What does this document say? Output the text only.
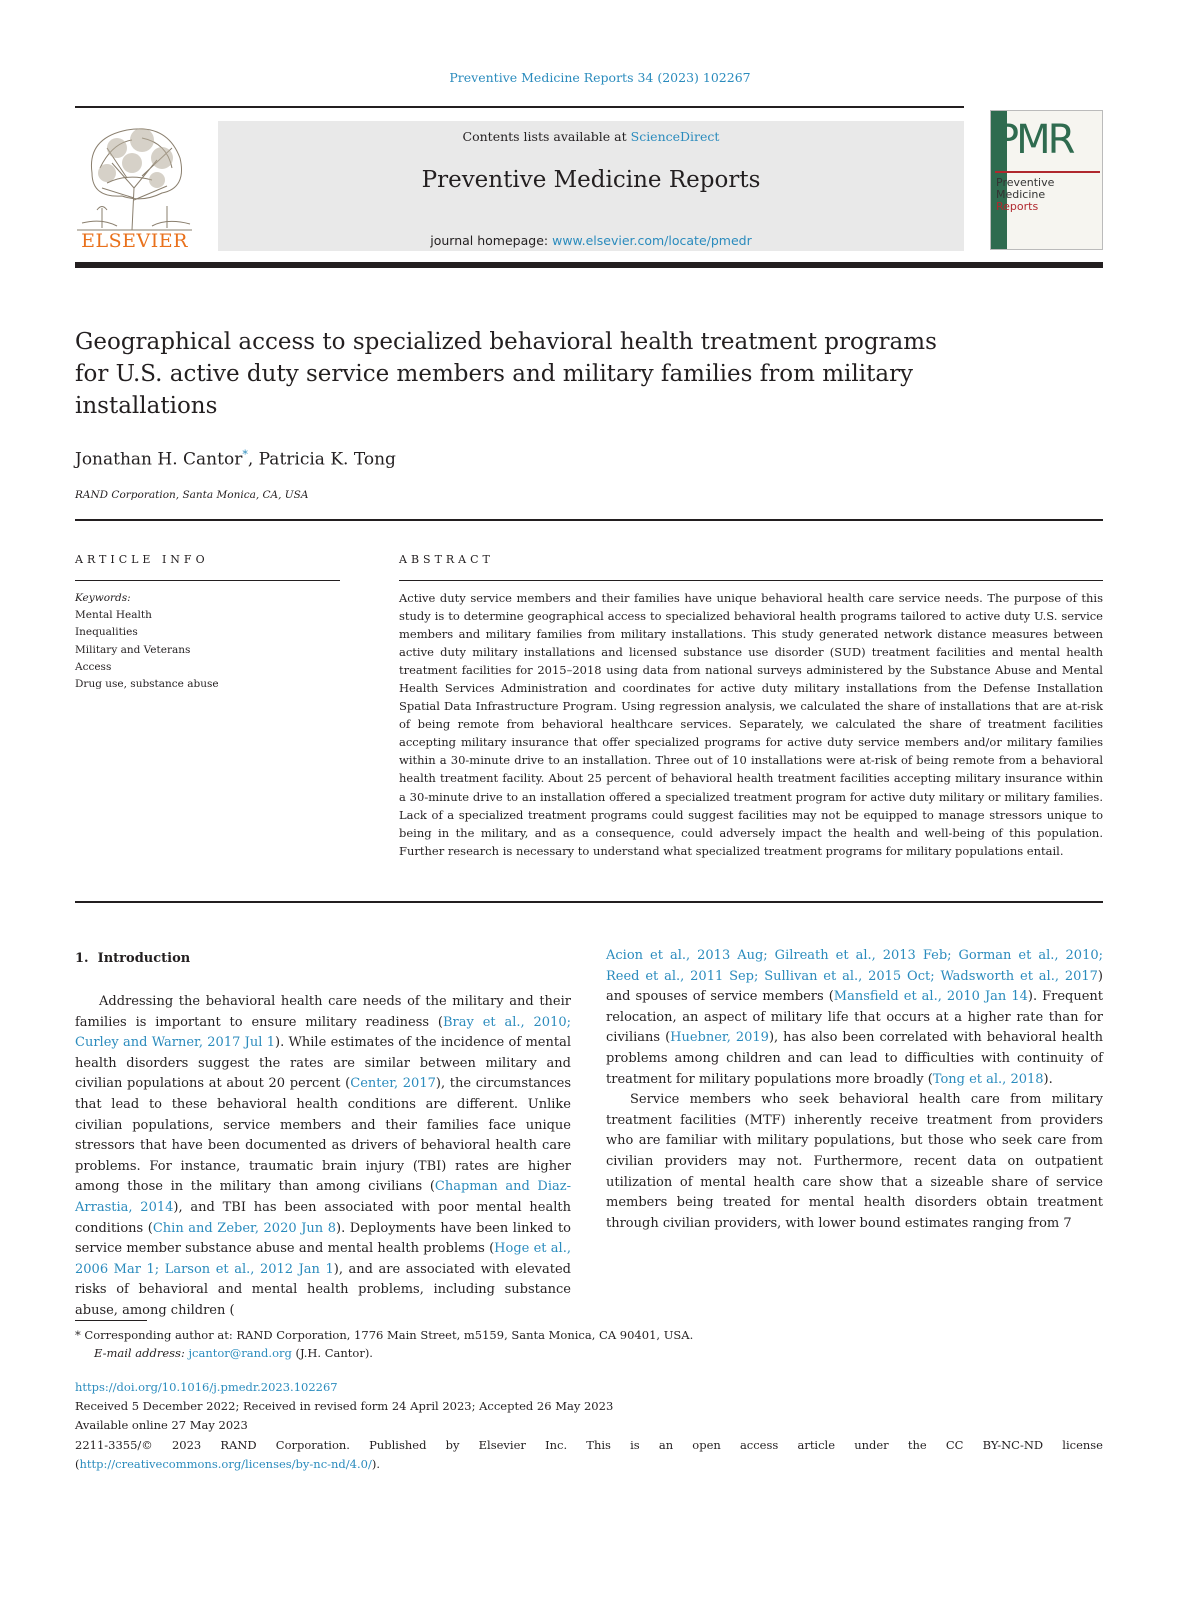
Preventive Medicine Reports 34 (2023) 102267
ELSEVIER
Contents lists available at ScienceDirect
Preventive Medicine Reports
journal homepage: www.elsevier.com/locate/pmedr
PMR
Preventive
Medicine
Reports
Geographical access to specialized behavioral health treatment programs for U.S. active duty service members and military families from military installations
Jonathan H. Cantor*, Patricia K. Tong
RAND Corporation, Santa Monica, CA, USA
ARTICLE INFO
Keywords:
Mental Health
Inequalities
Military and Veterans
Access
Drug use, substance abuse
ABSTRACT
Active duty service members and their families have unique behavioral health care service needs. The purpose of this study is to determine geographical access to specialized behavioral health programs tailored to active duty U.S. service members and military families from military installations. This study generated network distance measures between active duty military installations and licensed substance use disorder (SUD) treatment facilities and mental health treatment facilities for 2015–2018 using data from national surveys administered by the Substance Abuse and Mental Health Services Administration and coordinates for active duty military installations from the Defense Installation Spatial Data Infrastructure Program. Using regression analysis, we calculated the share of installations that are at-risk of being remote from behavioral healthcare services. Separately, we calculated the share of treatment facilities accepting military insurance that offer specialized programs for active duty service members and/or military families within a 30-minute drive to an installation. Three out of 10 installations were at-risk of being remote from a behavioral health treatment facility. About 25 percent of behavioral health treatment facilities accepting military insurance within a 30-minute drive to an installation offered a specialized treatment program for active duty military or military families. Lack of a specialized treatment programs could suggest facilities may not be equipped to manage stressors unique to being in the military, and as a consequence, could adversely impact the health and well-being of this population. Further research is necessary to understand what specialized treatment programs for military populations entail.
1. Introduction

Addressing the behavioral health care needs of the military and their families is important to ensure military readiness (Bray et al., 2010; Curley and Warner, 2017 Jul 1). While estimates of the incidence of mental health disorders suggest the rates are similar between military and civilian populations at about 20 percent (Center, 2017), the circumstances that lead to these behavioral health conditions are different. Unlike civilian populations, service members and their families face unique stressors that have been documented as drivers of behavioral health care problems. For instance, traumatic brain injury (TBI) rates are higher among those in the military than among civilians (Chapman and Diaz-Arrastia, 2014), and TBI has been associated with poor mental health conditions (Chin and Zeber, 2020 Jun 8). Deployments have been linked to service member substance abuse and mental health problems (Hoge et al., 2006 Mar 1; Larson et al., 2012 Jan 1), and are associated with elevated risks of behavioral and mental health problems, including substance abuse, among children (

Acion et al., 2013 Aug; Gilreath et al., 2013 Feb; Gorman et al., 2010; Reed et al., 2011 Sep; Sullivan et al., 2015 Oct; Wadsworth et al., 2017) and spouses of service members (Mansfield et al., 2010 Jan 14). Frequent relocation, an aspect of military life that occurs at a higher rate than for civilians (Huebner, 2019), has also been correlated with behavioral health problems among children and can lead to difficulties with continuity of treatment for military populations more broadly (Tong et al., 2018).

Service members who seek behavioral health care from military treatment facilities (MTF) inherently receive treatment from providers who are familiar with military populations, but those who seek care from civilian providers may not. Furthermore, recent data on outpatient utilization of mental health care show that a sizeable share of service members being treated for mental health disorders obtain treatment through civilian providers, with lower bound estimates ranging from 7

* Corresponding author at: RAND Corporation, 1776 Main Street, m5159, Santa Monica, CA 90401, USA.
E-mail address: jcantor@rand.org (J.H. Cantor).
https://doi.org/10.1016/j.pmedr.2023.102267
Received 5 December 2022; Received in revised form 24 April 2023; Accepted 26 May 2023
Available online 27 May 2023
2211-3355/© 2023 RAND Corporation. Published by Elsevier Inc. This is an open access article under the CC BY-NC-ND license
(http://creativecommons.org/licenses/by-nc-nd/4.0/).
